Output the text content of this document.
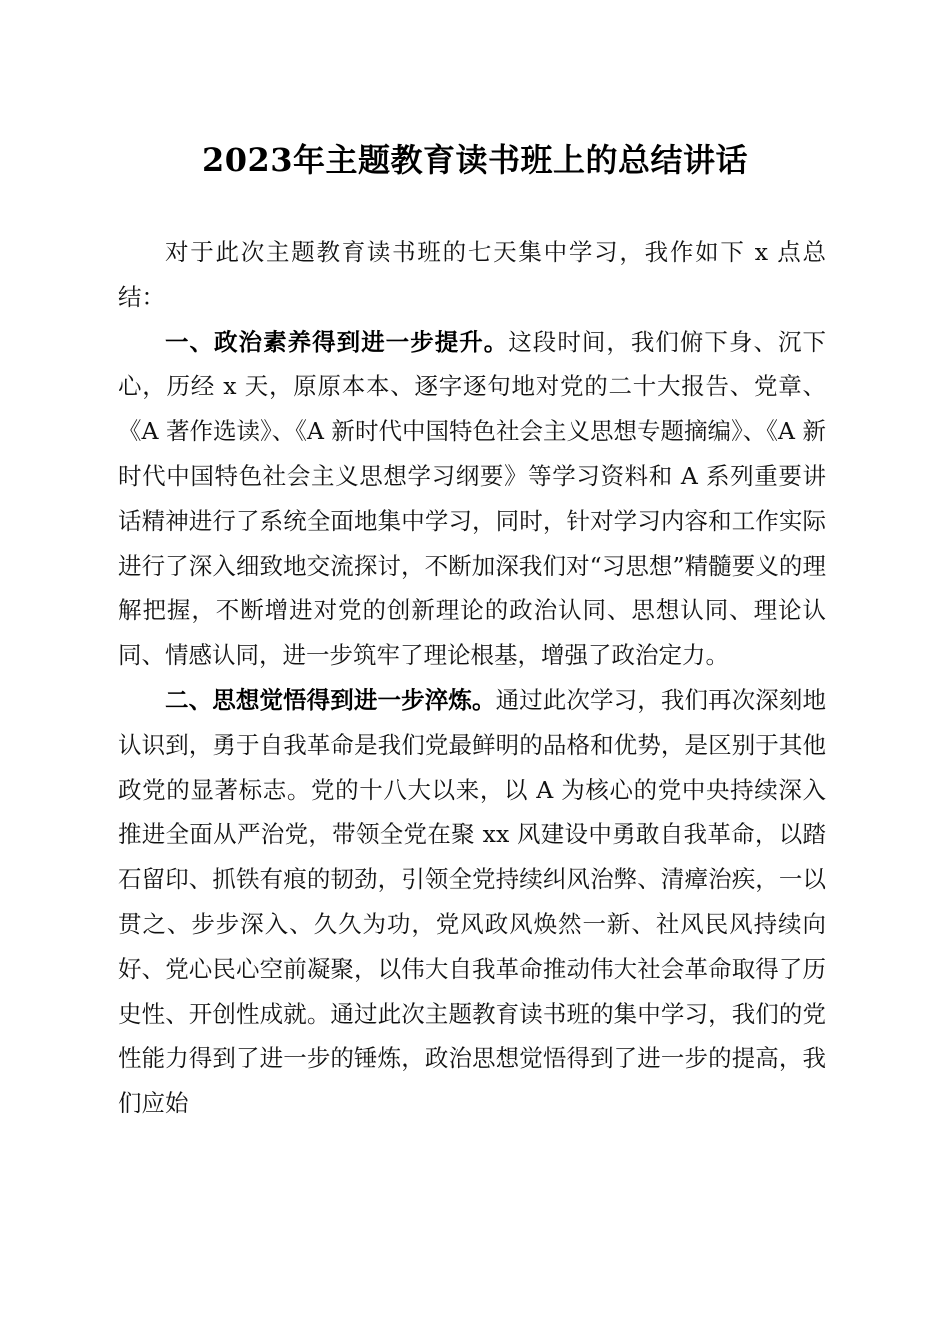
2023年主题教育读书班上的总结讲话

对于此次主题教育读书班的七天集中学习，我作如下 x 点总结：

一、政治素养得到进一步提升。这段时间，我们俯下身、沉下心，历经 x 天，原原本本、逐字逐句地对党的二十大报告、党章、《A 著作选读》、《A 新时代中国特色社会主义思想专题摘编》、《A 新时代中国特色社会主义思想学习纲要》等学习资料和 A 系列重要讲话精神进行了系统全面地集中学习，同时，针对学习内容和工作实际进行了深入细致地交流探讨，不断加深我们对“习思想”精髓要义的理解把握，不断增进对党的创新理论的政治认同、思想认同、理论认同、情感认同，进一步筑牢了理论根基，增强了政治定力。

二、思想觉悟得到进一步淬炼。通过此次学习，我们再次深刻地认识到，勇于自我革命是我们党最鲜明的品格和优势，是区别于其他政党的显著标志。党的十八大以来，以 A 为核心的党中央持续深入推进全面从严治党，带领全党在聚 xx 风建设中勇敢自我革命，以踏石留印、抓铁有痕的韧劲，引领全党持续纠风治弊、清瘴治疾，一以贯之、步步深入、久久为功，党风政风焕然一新、社风民风持续向好、党心民心空前凝聚，以伟大自我革命推动伟大社会革命取得了历史性、开创性成就。通过此次主题教育读书班的集中学习，我们的党性能力得到了进一步的锤炼，政治思想觉悟得到了进一步的提高，我们应始
